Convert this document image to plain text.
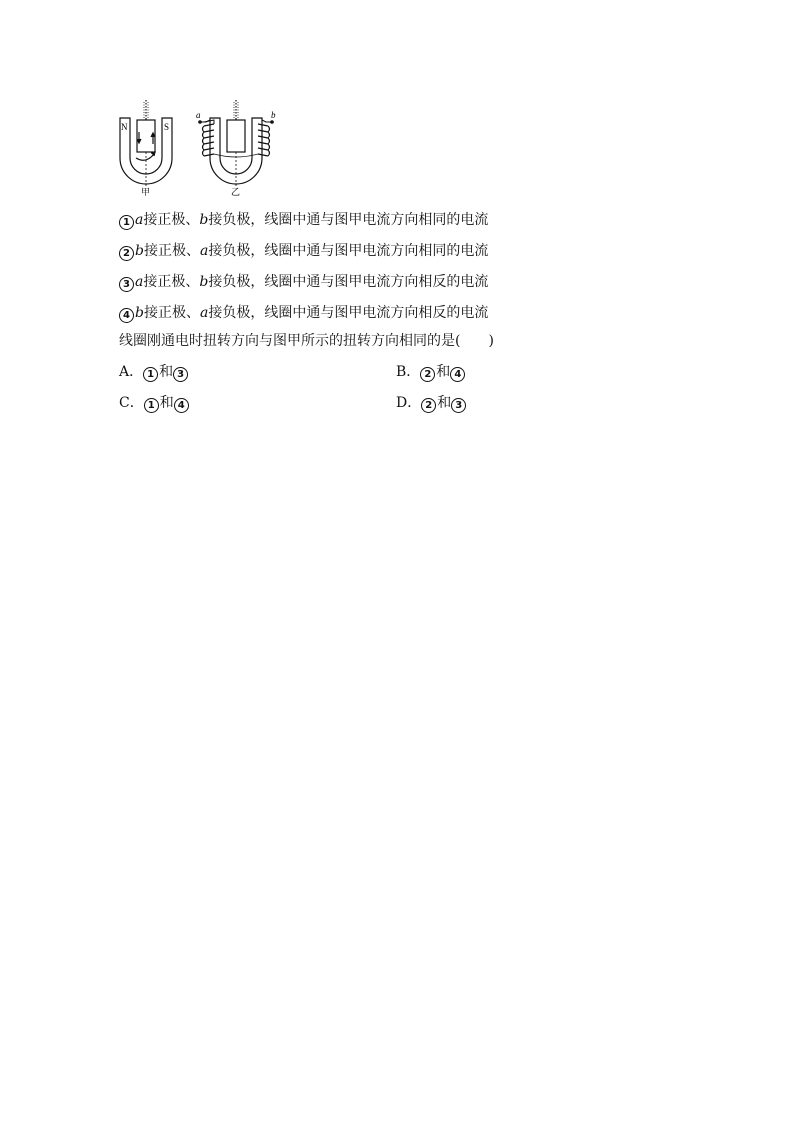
N	S
甲
a	b
乙
1 a接正极、b接负极，线圈中通与图甲电流方向相同的电流
2 b接正极、a接负极，线圈中通与图甲电流方向相同的电流
3 a接正极、b接负极，线圈中通与图甲电流方向相反的电流
4 b接正极、a接负极，线圈中通与图甲电流方向相反的电流
线圈刚通电时扭转方向与图甲所示的扭转方向相同的是(　　)
A． 1 和 3	B． 2 和 4
C． 1 和 4	D． 2 和 3
